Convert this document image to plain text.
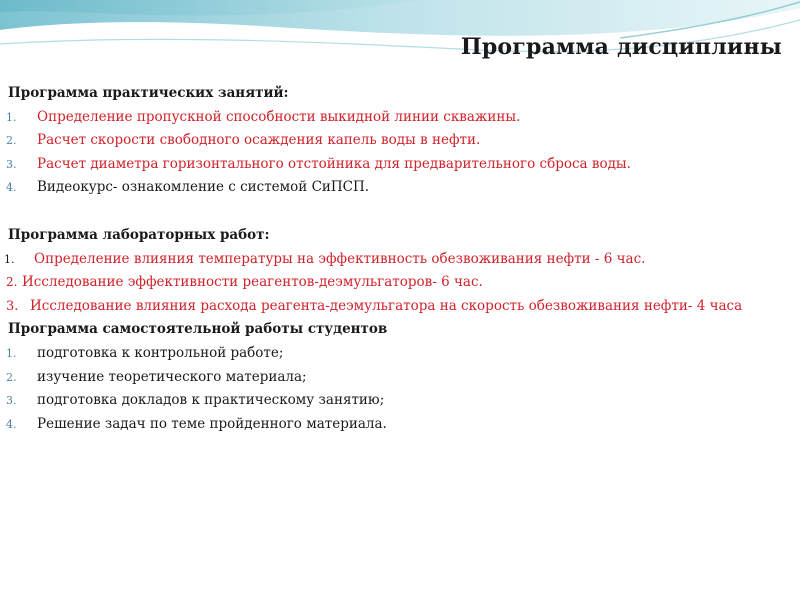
Программа дисциплины
Программа практических занятий:
1.	Определение пропускной способности выкидной линии скважины.
2.	Расчет скорости свободного осаждения капель воды в нефти.
3.	Расчет диаметра горизонтального отстойника для предварительного сброса воды.
4.	Видеокурс- ознакомление с системой СиПСП.
Программа лабораторных работ:
1.	Определение влияния температуры на эффективность обезвоживания нефти - 6 час.
2. Исследование эффективности реагентов-деэмульгаторов- 6 час.
3. Исследование влияния расхода реагента-деэмульгатора на скорость обезвоживания нефти- 4 часа
Программа самостоятельной работы студентов
1.	подготовка к контрольной работе;
2.	изучение теоретического материала;
3.	подготовка докладов к практическому занятию;
4.	Решение задач по теме пройденного материала.
